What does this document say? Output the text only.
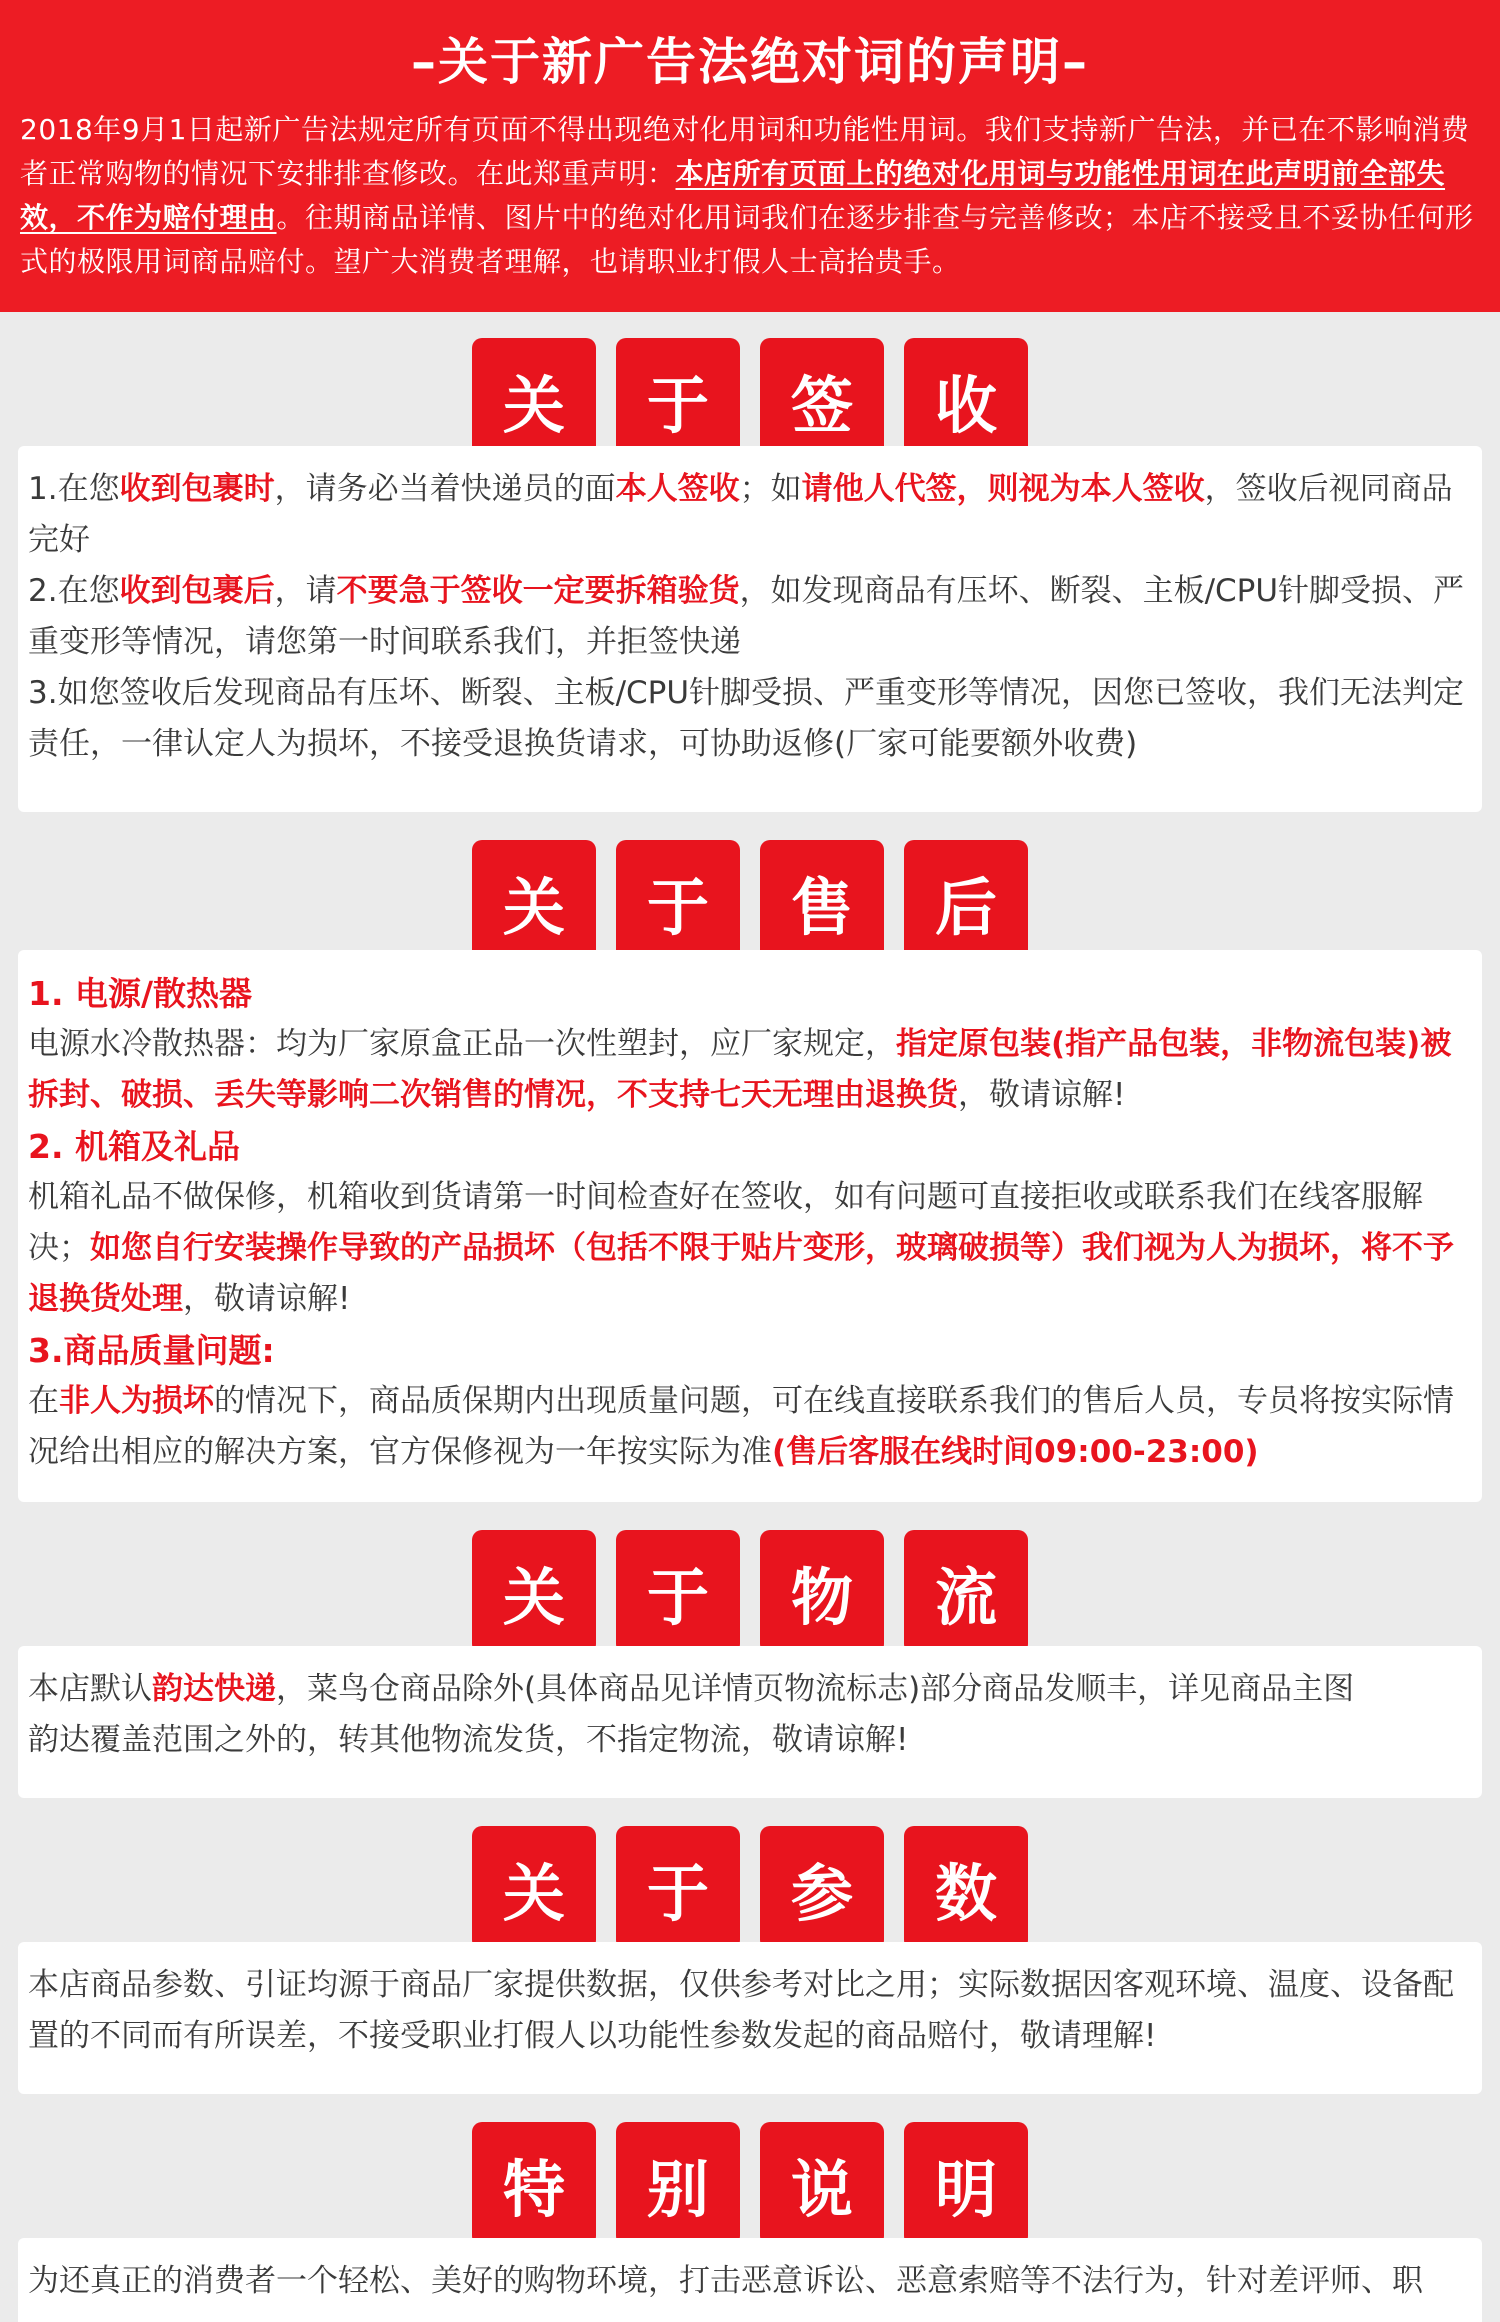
–关于新广告法绝对词的声明–
2018年9月1日起新广告法规定所有页面不得出现绝对化用词和功能性用词。我们支持新广告法，并已在不影响消费者正常购物的情况下安排排查修改。在此郑重声明：本店所有页面上的绝对化用词与功能性用词在此声明前全部失效，不作为赔付理由。往期商品详情、图片中的绝对化用词我们在逐步排查与完善修改；本店不接受且不妥协任何形式的极限用词商品赔付。望广大消费者理解，也请职业打假人士高抬贵手。
关	于	签	收

1.在您收到包裹时，请务必当着快递员的面本人签收；如请他人代签，则视为本人签收，签收后视同商品完好

2.在您收到包裹后，请不要急于签收一定要拆箱验货，如发现商品有压坏、断裂、主板/CPU针脚受损、严重变形等情况，请您第一时间联系我们，并拒签快递

3.如您签收后发现商品有压坏、断裂、主板/CPU针脚受损、严重变形等情况，因您已签收，我们无法判定责任，一律认定人为损坏，不接受退换货请求，可协助返修(厂家可能要额外收费)

关	于	售	后

1. 电源/散热器

电源水冷散热器：均为厂家原盒正品一次性塑封，应厂家规定，指定原包装(指产品包装，非物流包装)被拆封、破损、丢失等影响二次销售的情况，不支持七天无理由退换货，敬请谅解!

2. 机箱及礼品

机箱礼品不做保修，机箱收到货请第一时间检查好在签收，如有问题可直接拒收或联系我们在线客服解决；如您自行安装操作导致的产品损坏（包括不限于贴片变形，玻璃破损等）我们视为人为损坏，将不予退换货处理，敬请谅解!

3.商品质量问题:

在非人为损坏的情况下，商品质保期内出现质量问题，可在线直接联系我们的售后人员，专员将按实际情况给出相应的解决方案，官方保修视为一年按实际为准(售后客服在线时间09:00-23:00)

关	于	物	流

本店默认韵达快递，菜鸟仓商品除外(具体商品见详情页物流标志)部分商品发顺丰，详见商品主图

韵达覆盖范围之外的，转其他物流发货，不指定物流，敬请谅解!

关	于	参	数

本店商品参数、引证均源于商品厂家提供数据，仅供参考对比之用；实际数据因客观环境、温度、设备配置的不同而有所误差，不接受职业打假人以功能性参数发起的商品赔付，敬请理解!

特	别	说	明

为还真正的消费者一个轻松、美好的购物环境，打击恶意诉讼、恶意索赔等不法行为，针对差评师、职
